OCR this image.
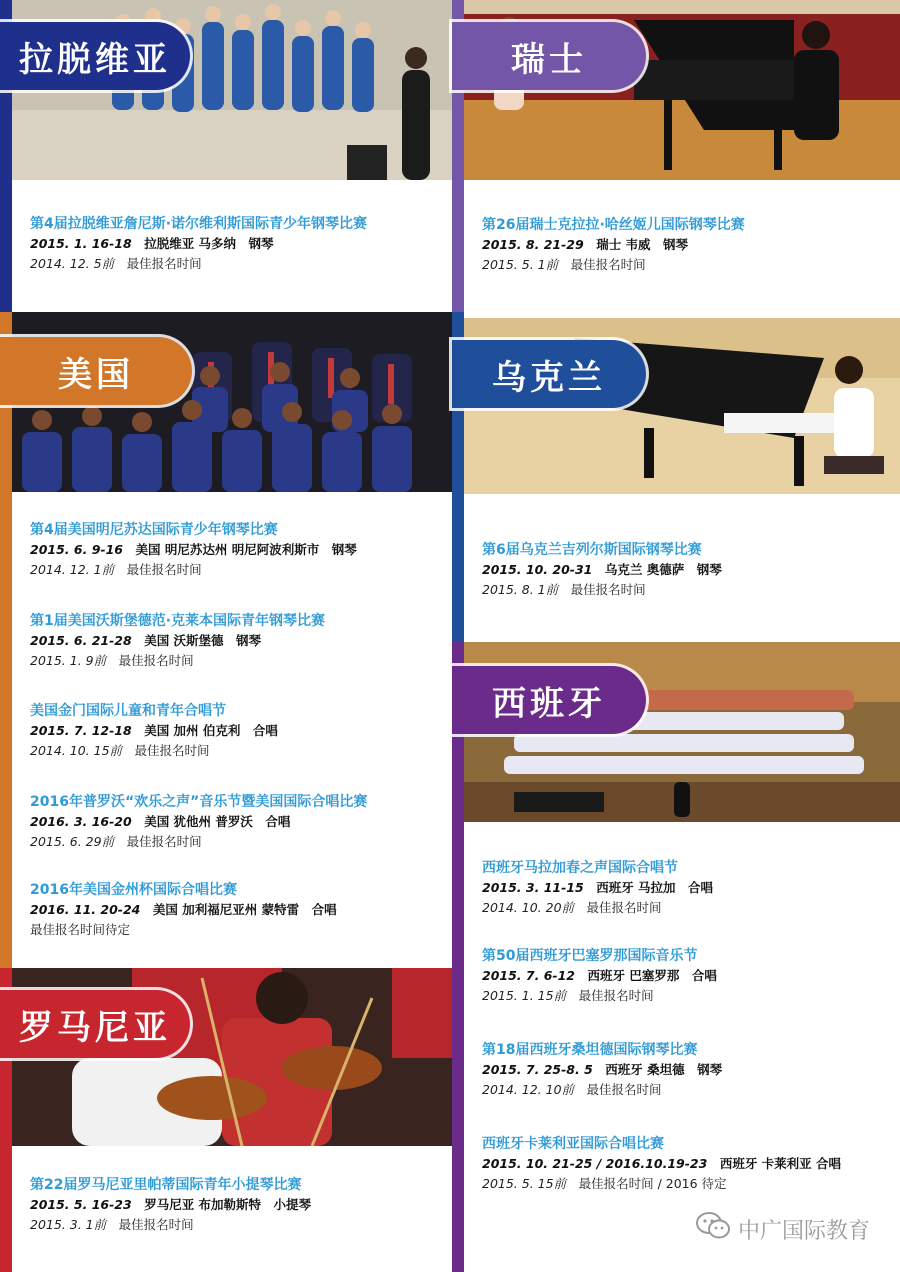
拉脱维亚
第4届拉脱维亚詹尼斯·诺尔维利斯国际青少年钢琴比赛
2015. 1. 16-18　 拉脱维亚 马多纳　钢琴
2014. 12. 5前　 最佳报名时间
美国
第4届美国明尼苏达国际青少年钢琴比赛
2015. 6. 9-16　 美国 明尼苏达州 明尼阿波利斯市　钢琴
2014. 12. 1前　 最佳报名时间
第1届美国沃斯堡德范·克莱本国际青年钢琴比赛
2015. 6. 21-28　 美国 沃斯堡德　钢琴
2015. 1. 9前　 最佳报名时间
美国金门国际儿童和青年合唱节
2015. 7. 12-18　 美国 加州 伯克利　合唱
2014. 10. 15前　 最佳报名时间
2016年普罗沃“欢乐之声”音乐节暨美国国际合唱比赛
2016. 3. 16-20　 美国 犹他州 普罗沃　合唱
2015. 6. 29前　 最佳报名时间
2016年美国金州杯国际合唱比赛
2016. 11. 20-24　 美国 加利福尼亚州 蒙特雷　合唱
最佳报名时间待定
罗马尼亚
第22届罗马尼亚里帕蒂国际青年小提琴比赛
2015. 5. 16-23　 罗马尼亚 布加勒斯特　小提琴
2015. 3. 1前　 最佳报名时间
瑞士
第26届瑞士克拉拉·哈丝姬儿国际钢琴比赛
2015. 8. 21-29　 瑞士 韦威　钢琴
2015. 5. 1前　 最佳报名时间
乌克兰
第6届乌克兰吉列尔斯国际钢琴比赛
2015. 10. 20-31　 乌克兰 奥德萨　钢琴
2015. 8. 1前　 最佳报名时间
西班牙
西班牙马拉加春之声国际合唱节
2015. 3. 11-15　 西班牙 马拉加　合唱
2014. 10. 20前　 最佳报名时间
第50届西班牙巴塞罗那国际音乐节
2015. 7. 6-12　 西班牙 巴塞罗那　合唱
2015. 1. 15前　 最佳报名时间
第18届西班牙桑坦德国际钢琴比赛
2015. 7. 25-8. 5　 西班牙 桑坦德　钢琴
2014. 12. 10前　 最佳报名时间
西班牙卡莱利亚国际合唱比赛
2015. 10. 21-25 / 2016.10.19-23　 西班牙 卡莱利亚 合唱
2015. 5. 15前　 最佳报名时间 / 2016 待定
中广国际教育
